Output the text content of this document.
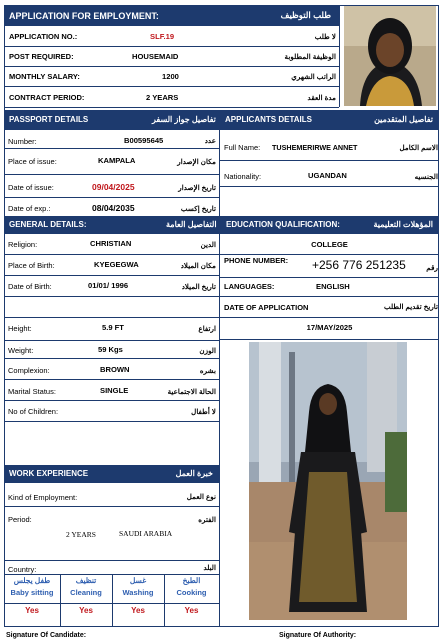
APPLICATION FOR EMPLOYMENT:	طلب التوظيف
APPLICATION NO.:	SLF.19	لا طلب
POST REQUIRED:	HOUSEMAID	الوظيفة المطلوبة
MONTHLY SALARY:	1200	الراتب الشهري
CONTRACT PERIOD:	2 YEARS	مدة العقد
PASSPORT DETAILS	تفاصيل جواز السفر APPLICANTS DETAILS	تفاصيل المتقدمين
Number:	B00595645	عدد
Place of issue:	KAMPALA	مكان الإصدار
Date of issue:	09/04/2025	تاريخ الإصدار
Date of exp.:	08/04/2035	تاريخ إكسب
Full Name: TUSHEMERIRWE ANNET	الاسم الكامل
Nationality:	UGANDAN	الجنسيه
GENERAL DETAILS:	التفاصيل العامة EDUCATION QUALIFICATION:	المؤهلات التعليمية
Religion:	CHRISTIAN	الدين
Place of Birth:	KYEGEGWA	مكان الميلاد
Date of Birth:	01/01/ 1996	تاريخ الميلاد
Height:	5.9 FT	ارتفاع
Weight:	59 Kgs	الوزن
Complexion:	BROWN	بشره
Marital Status:	SINGLE	الحالة الاجتماعية
No of Children:	لا أطفال
COLLEGE
PHONE NUMBER: +256 776 251235	رقم
LANGUAGES:	ENGLISH
DATE OF APPLICATION	تاريخ تقديم الطلب
17/MAY/2025
WORK EXPERIENCE	خبرة العمل
Kind of Employment:	نوع العمل
Period:	الفتره
2 YEARS	SAUDI ARABIA
Country:	البلد
طفل يجلس
Baby sitting
Yes
تنظيف
Cleaning
Yes
غسل
Washing
Yes
الطبخ
Cooking
Yes
Signature Of Candidate:	Signature Of Authority:
